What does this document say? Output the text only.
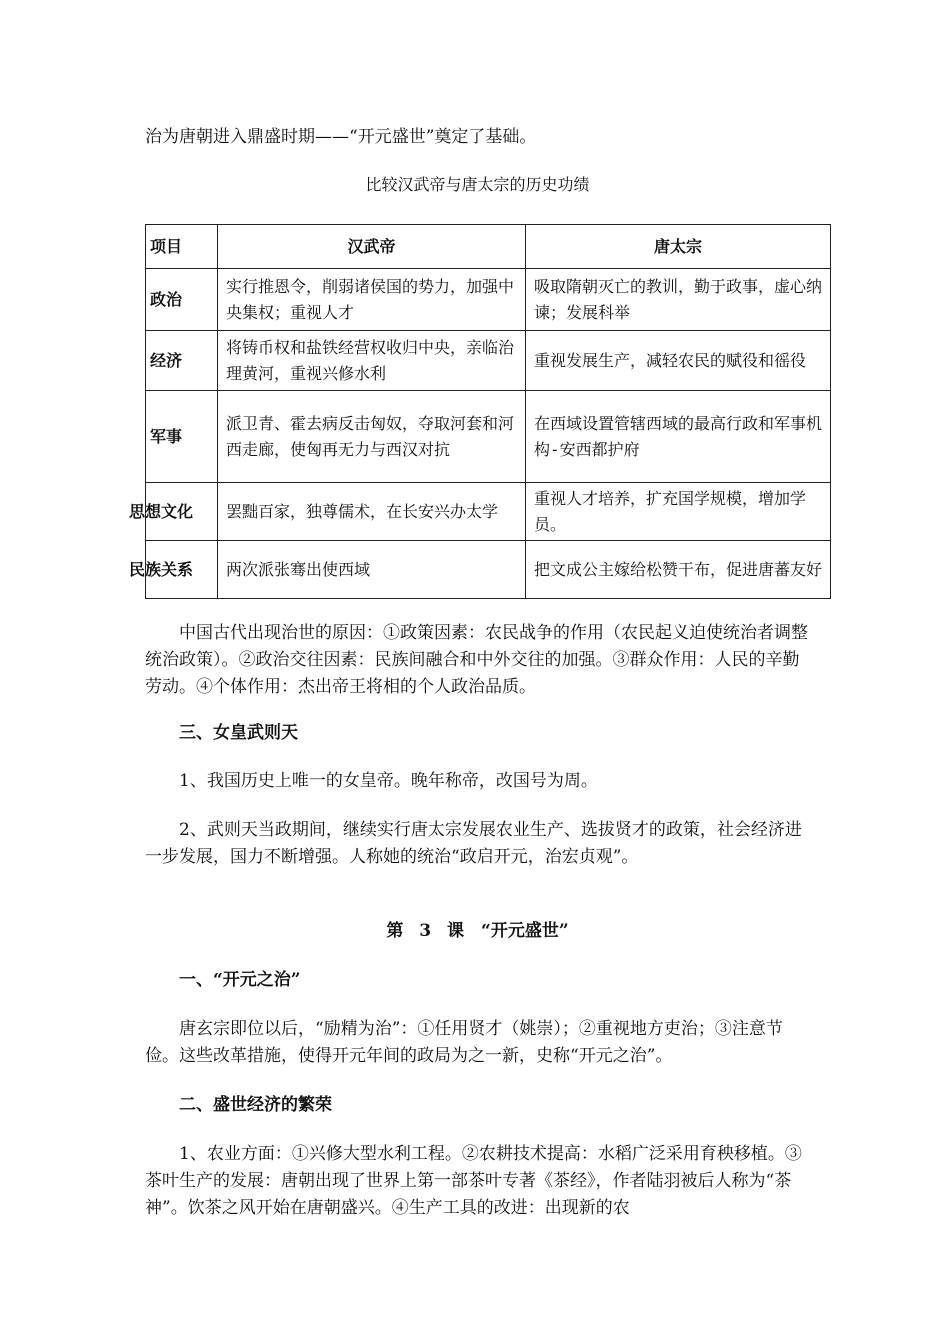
治为唐朝进入鼎盛时期——“开元盛世”奠定了基础。

比较汉武帝与唐太宗的历史功绩
项目	汉武帝	唐太宗
政治	实行推恩令，削弱诸侯国的势力，加强中央集权；重视人才	吸取隋朝灭亡的教训，勤于政事，虚心纳谏；发展科举

经济	将铸币权和盐铁经营权收归中央，亲临治理黄河，重视兴修水利	重视发展生产，减轻农民的赋役和徭役

军事	派卫青、霍去病反击匈奴，夺取河套和河西走廊，使匈再无力与西汉对抗	在西域设置管辖西域的最高行政和军事机构-安西都护府

思想文化	罢黜百家，独尊儒术，在长安兴办太学	重视人才培养，扩充国学规模，增加学员。

民族关系	两次派张骞出使西域	把文成公主嫁给松赞干布，促进唐蕃友好

中国古代出现治世的原因：①政策因素：农民战争的作用（农民起义迫使统治者调整统治政策）。②政治交往因素：民族间融合和中外交往的加强。③群众作用：人民的辛勤劳动。④个体作用：杰出帝王将相的个人政治品质。

三、女皇武则天

1、我国历史上唯一的女皇帝。晚年称帝，改国号为周。

2、武则天当政期间，继续实行唐太宗发展农业生产、选拔贤才的政策，社会经济进一步发展，国力不断增强。人称她的统治“政启开元，治宏贞观”。

第 3 课　“开元盛世”

一、“开元之治”

唐玄宗即位以后，“励精为治”：①任用贤才（姚崇）；②重视地方吏治；③注意节俭。这些改革措施，使得开元年间的政局为之一新，史称“开元之治”。

二、盛世经济的繁荣

1、农业方面：①兴修大型水利工程。②农耕技术提高：水稻广泛采用育秧移植。③茶叶生产的发展：唐朝出现了世界上第一部茶叶专著《茶经》，作者陆羽被后人称为“茶神”。饮茶之风开始在唐朝盛兴。④生产工具的改进：出现新的农
